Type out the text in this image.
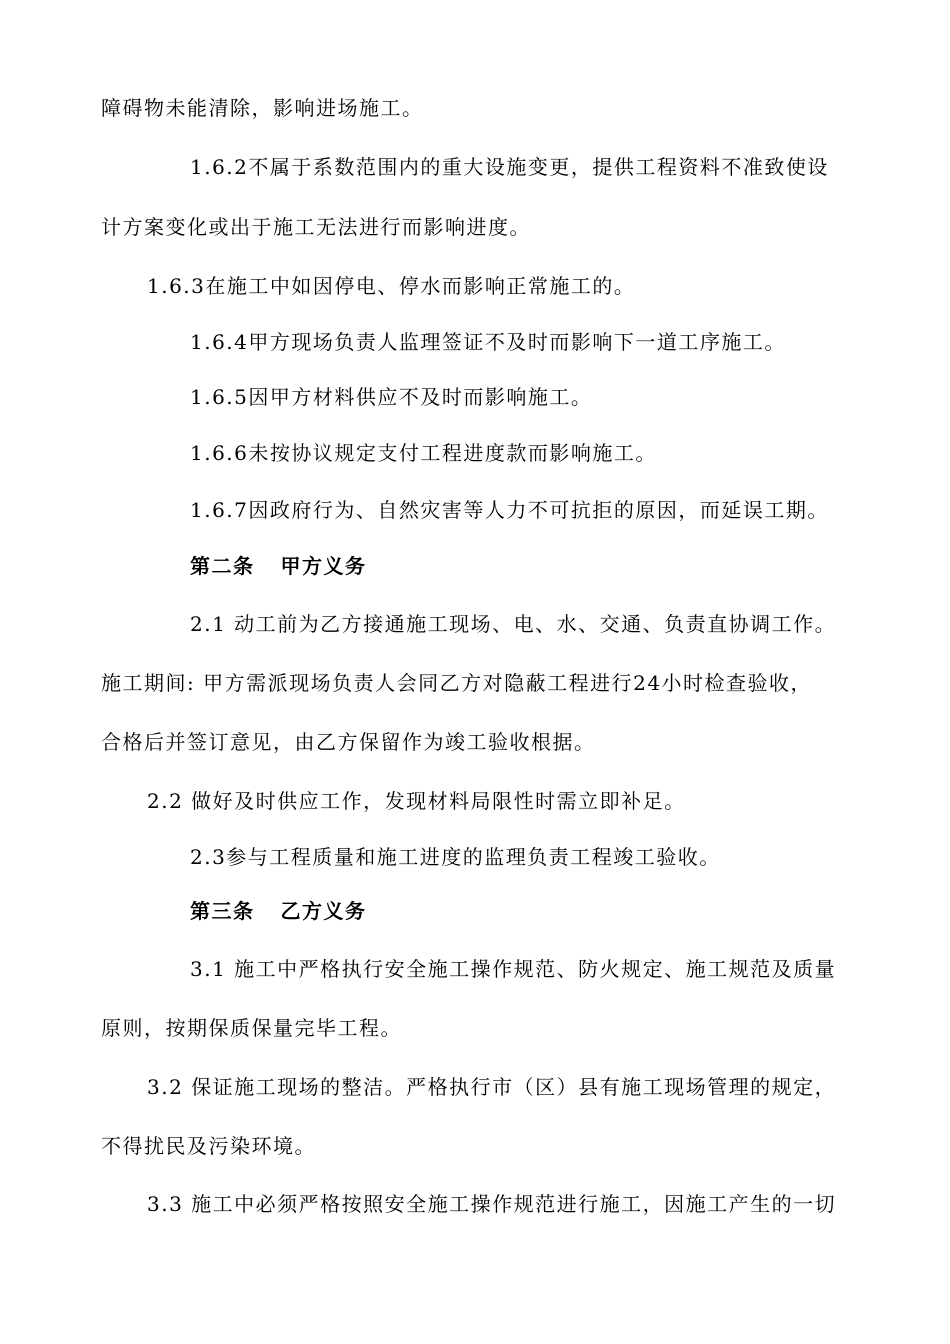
障碍物未能清除，影响进场施工。
1.6.2不属于系数范围内的重大设施变更，提供工程资料不准致使设
计方案变化或出于施工无法进行而影响进度。
1.6.3在施工中如因停电、停水而影响正常施工的。
1.6.4甲方现场负责人监理签证不及时而影响下一道工序施工。
1.6.5因甲方材料供应不及时而影响施工。
1.6.6未按协议规定支付工程进度款而影响施工。
1.6.7因政府行为、自然灾害等人力不可抗拒的原因，而延误工期。
第二条 甲方义务
2.1 动工前为乙方接通施工现场、电、水、交通、负责直协调工作。
施工期间: 甲方需派现场负责人会同乙方对隐蔽工程进行24小时检查验收，
合格后并签订意见，由乙方保留作为竣工验收根据。
2.2 做好及时供应工作，发现材料局限性时需立即补足。
2.3参与工程质量和施工进度的监理负责工程竣工验收。
第三条 乙方义务
3.1 施工中严格执行安全施工操作规范、防火规定、施工规范及质量
原则，按期保质保量完毕工程。
3.2 保证施工现场的整洁。严格执行市（区）县有施工现场管理的规定，
不得扰民及污染环境。
3.3 施工中必须严格按照安全施工操作规范进行施工，因施工产生的一切
